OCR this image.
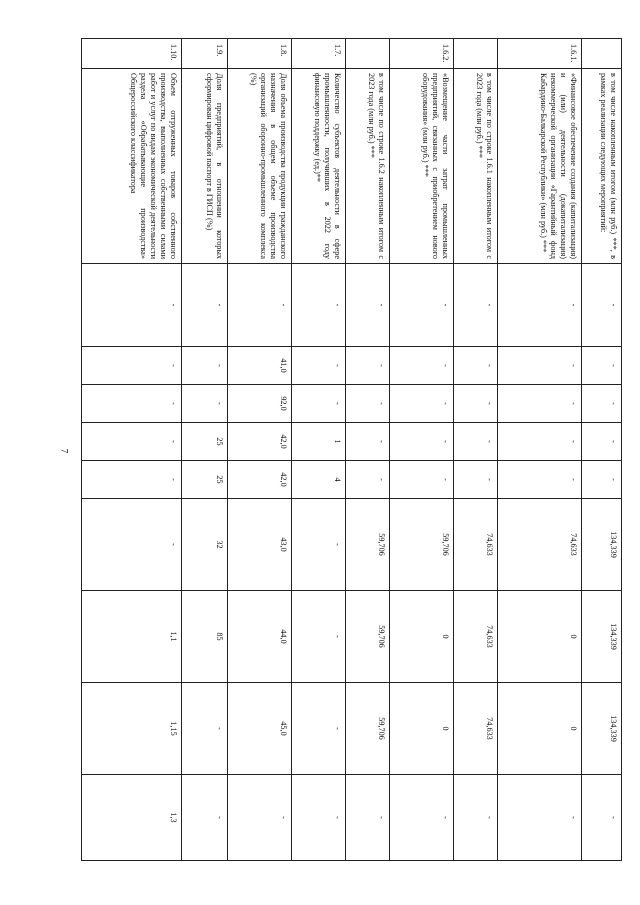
7
	в том числе накопленным итогом (млн руб.) ***, в рамках реализации следующих мероприятий:	-	-	-	-	-	134,339	134,339	134,339	-
1.6.1.	«Финансовое обеспечение создания (капитализация) и (или) деятельности (докапитализация) некоммерческой организации «Гарантийный фонд Кабардино-Балкарской Республики» (млн руб.) ***	-	-	-	-	-	74,633	0	0	-
	в том числе по строке 1.6.1 накопленным итогом с 2023 года (млн руб.) ***	-	-	-	-	-	74,633	74,633	74,633	-
1.6.2.	«Возмещение части затрат промышленных предприятий, связанных с приобретением нового оборудования» (млн руб.) ***	-	-	-	-	-	59,706	0	0	-
	в том числе по строке 1.6.2 накопленным итогом с 2023 года (млн руб.) ***	-	-	-	-	-	59,706	59,706	59,706	-
1.7.	Количество субъектов деятельности в сфере промышленности, получивших в 2022 году финансовую поддержку (ед.)**	-	-	-	1	4	-	-	-	-
1.8.	Доля объема производства продукции гражданского назначения в общем объеме производства организаций оборонно-промышленного комплекса (%)	-	41,0	92,0	42,0	42,0	43,0	44,0	45,0	-
1.9.	Доля предприятий, в отношении которых сформирован цифровой паспорт в ГИСП (%)	-	-	-	25	25	32	85	-	-
1.10.	Объем отгруженных товаров собственного производства, выполненных собственными силами работ и услуг по видам экономической деятельности раздела «Обрабатывающие производства» Общероссийского классификатора	-	-	-	-	-	-	1,1	1,15	1,3
